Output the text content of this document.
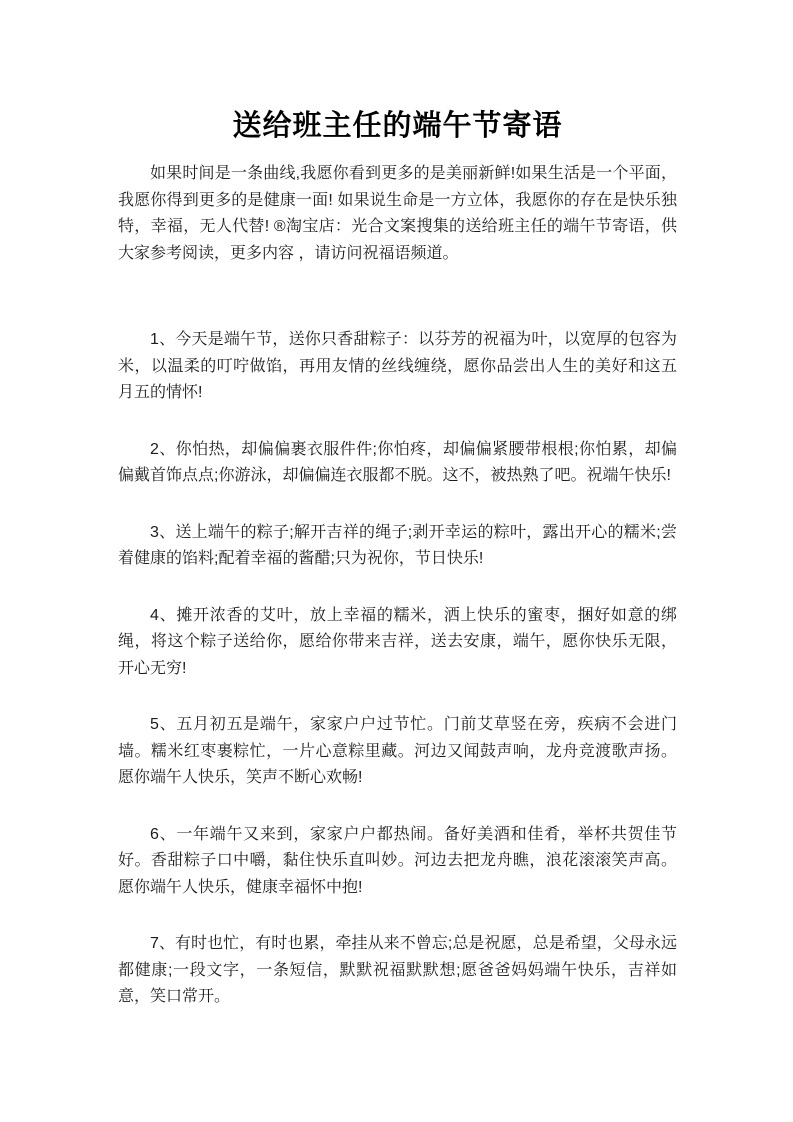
送给班主任的端午节寄语

如果时间是一条曲线,我愿你看到更多的是美丽新鲜!如果生活是一个平面，我愿你得到更多的是健康一面! 如果说生命是一方立体，我愿你的存在是快乐独特，幸福，无人代替! ®淘宝店：光合文案搜集的送给班主任的端午节寄语，供大家参考阅读，更多内容 ，请访问祝福语频道。

1、今天是端午节，送你只香甜粽子：以芬芳的祝福为叶，以宽厚的包容为米，以温柔的叮咛做馅，再用友情的丝线缠绕，愿你品尝出人生的美好和这五月五的情怀!

2、你怕热，却偏偏裹衣服件件;你怕疼，却偏偏紧腰带根根;你怕累，却偏偏戴首饰点点;你游泳，却偏偏连衣服都不脱。这不，被热熟了吧。祝端午快乐!

3、送上端午的粽子;解开吉祥的绳子;剥开幸运的粽叶，露出开心的糯米;尝着健康的馅料;配着幸福的酱醋;只为祝你，节日快乐!

4、摊开浓香的艾叶，放上幸福的糯米，洒上快乐的蜜枣，捆好如意的绑绳，将这个粽子送给你，愿给你带来吉祥，送去安康，端午，愿你快乐无限，开心无穷!

5、五月初五是端午，家家户户过节忙。门前艾草竖在旁，疾病不会进门墙。糯米红枣裹粽忙，一片心意粽里藏。河边又闻鼓声响，龙舟竞渡歌声扬。愿你端午人快乐，笑声不断心欢畅!

6、一年端午又来到，家家户户都热闹。备好美酒和佳肴，举杯共贺佳节好。香甜粽子口中嚼，黏住快乐直叫妙。河边去把龙舟瞧，浪花滚滚笑声高。愿你端午人快乐，健康幸福怀中抱!

7、有时也忙，有时也累，牵挂从来不曾忘;总是祝愿，总是希望，父母永远都健康;一段文字，一条短信，默默祝福默默想;愿爸爸妈妈端午快乐，吉祥如意，笑口常开。
